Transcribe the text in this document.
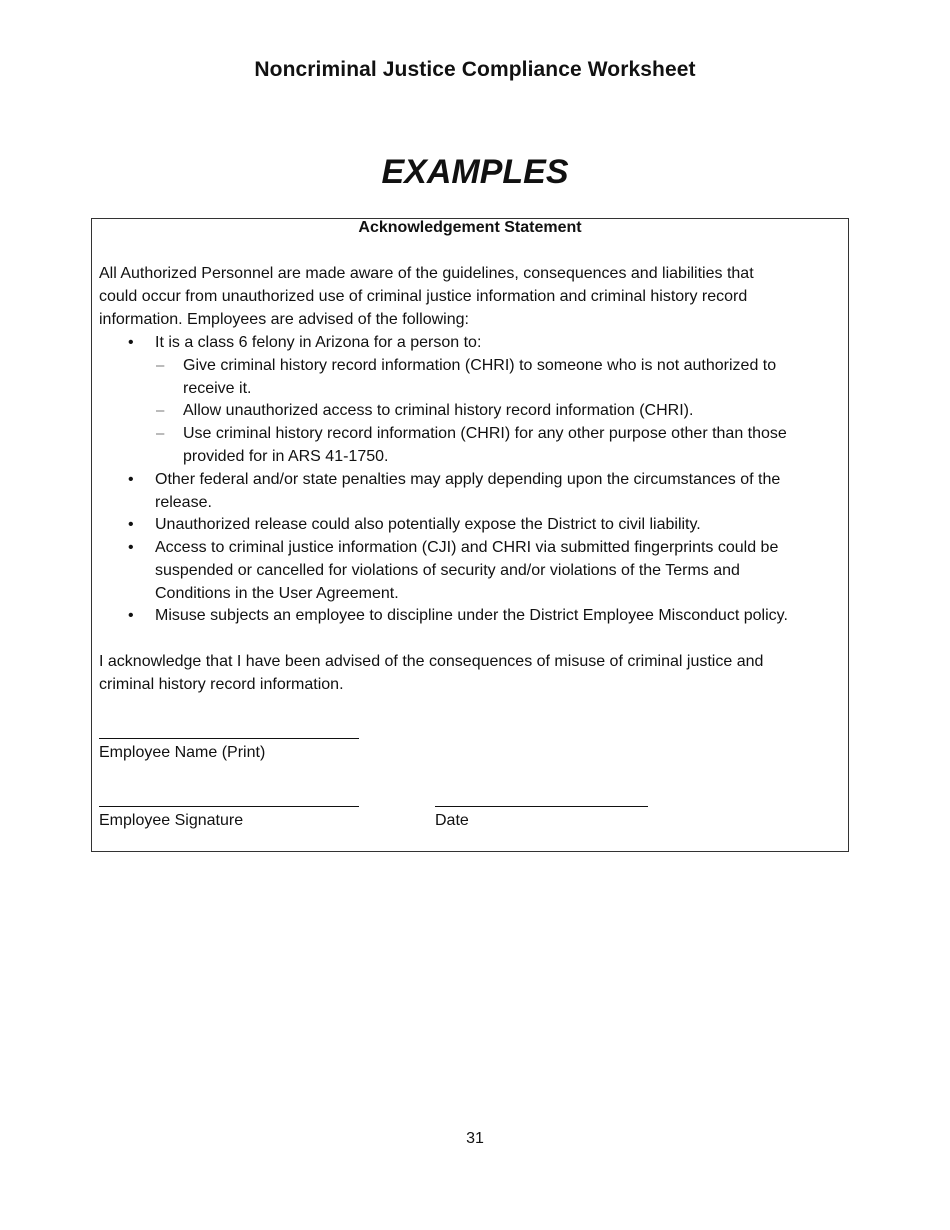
Noncriminal Justice Compliance Worksheet
EXAMPLES
Acknowledgement Statement
All Authorized Personnel are made aware of the guidelines, consequences and liabilities that
could occur from unauthorized use of criminal justice information and criminal history record
information. Employees are advised of the following:
• It is a class 6 felony in Arizona for a person to:
– Give criminal history record information (CHRI) to someone who is not authorized to
receive it.
– Allow unauthorized access to criminal history record information (CHRI).
– Use criminal history record information (CHRI) for any other purpose other than those
provided for in ARS 41-1750.
• Other federal and/or state penalties may apply depending upon the circumstances of the
release.
• Unauthorized release could also potentially expose the District to civil liability.
• Access to criminal justice information (CJI) and CHRI via submitted fingerprints could be
suspended or cancelled for violations of security and/or violations of the Terms and
Conditions in the User Agreement.
• Misuse subjects an employee to discipline under the District Employee Misconduct policy.
I acknowledge that I have been advised of the consequences of misuse of criminal justice and
criminal history record information.
Employee Name (Print)
Employee Signature	Date
31
